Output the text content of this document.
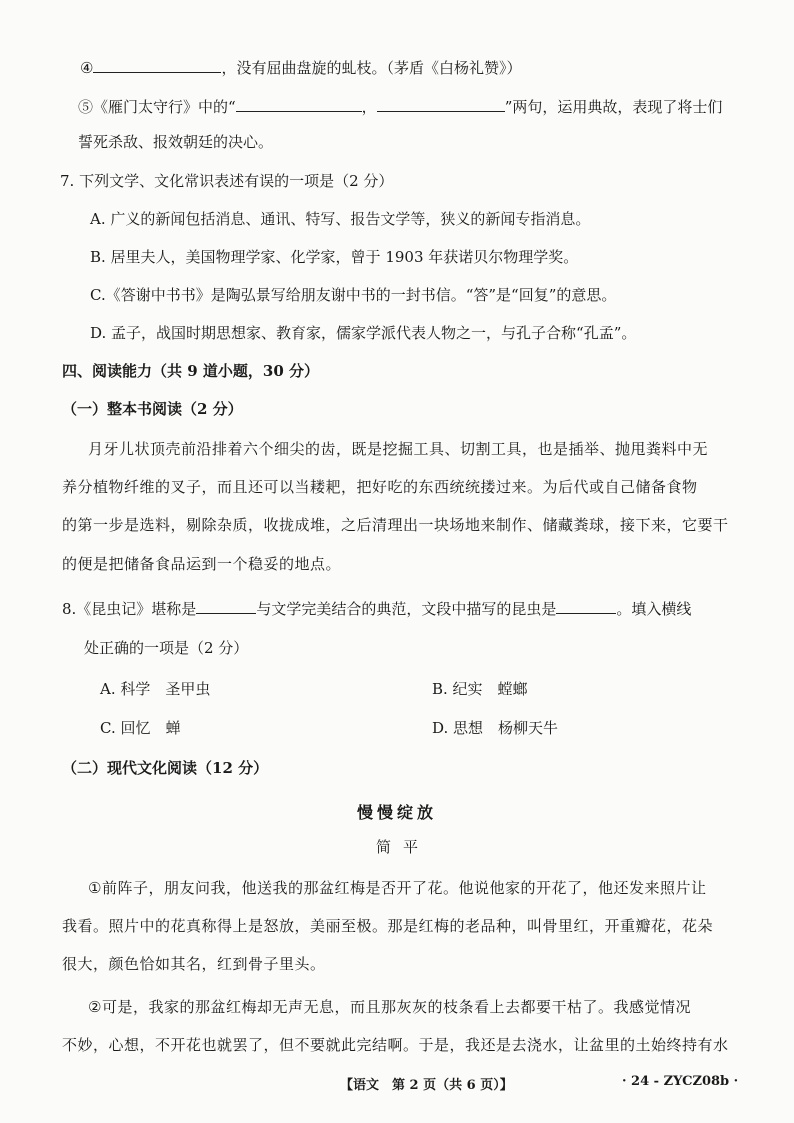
④	，没有屈曲盘旋的虬枝。（茅盾《白杨礼赞》）
⑤《雁门太守行》中的“	，	”两句，运用典故，表现了将士们
誓死杀敌、报效朝廷的决心。
7. 下列文学、文化常识表述有误的一项是（2 分）
A. 广义的新闻包括消息、通讯、特写、报告文学等，狭义的新闻专指消息。
B. 居里夫人，美国物理学家、化学家，曾于 1903 年获诺贝尔物理学奖。
C.《答谢中书书》是陶弘景写给朋友谢中书的一封书信。“答”是“回复”的意思。
D. 孟子，战国时期思想家、教育家，儒家学派代表人物之一，与孔子合称“孔孟”。
四、阅读能力（共 9 道小题，30 分）
（一）整本书阅读（2 分）
月牙儿状顶壳前沿排着六个细尖的齿，既是挖掘工具、切割工具，也是插举、抛甩粪料中无
养分植物纤维的叉子，而且还可以当耧耙，把好吃的东西统统搂过来。为后代或自己储备食物
的第一步是选料，剔除杂质，收拢成堆，之后清理出一块场地来制作、储藏粪球，接下来，它要干
的便是把储备食品运到一个稳妥的地点。
8.《昆虫记》堪称是	与文学完美结合的典范，文段中描写的昆虫是	。填入横线
处正确的一项是（2 分）
A. 科学　圣甲虫	B. 纪实　螳螂
C. 回忆　蝉	D. 思想　杨柳天牛
（二）现代文化阅读（12 分）
慢慢绽放
简平
①前阵子，朋友问我，他送我的那盆红梅是否开了花。他说他家的开花了，他还发来照片让
我看。照片中的花真称得上是怒放，美丽至极。那是红梅的老品种，叫骨里红，开重瓣花，花朵
很大，颜色恰如其名，红到骨子里头。
②可是，我家的那盆红梅却无声无息，而且那灰灰的枝条看上去都要干枯了。我感觉情况
不妙，心想，不开花也就罢了，但不要就此完结啊。于是，我还是去浇水，让盆里的土始终持有水
【语文　第 2 页（共 6 页）】	· 24 - ZYCZ08b ·
